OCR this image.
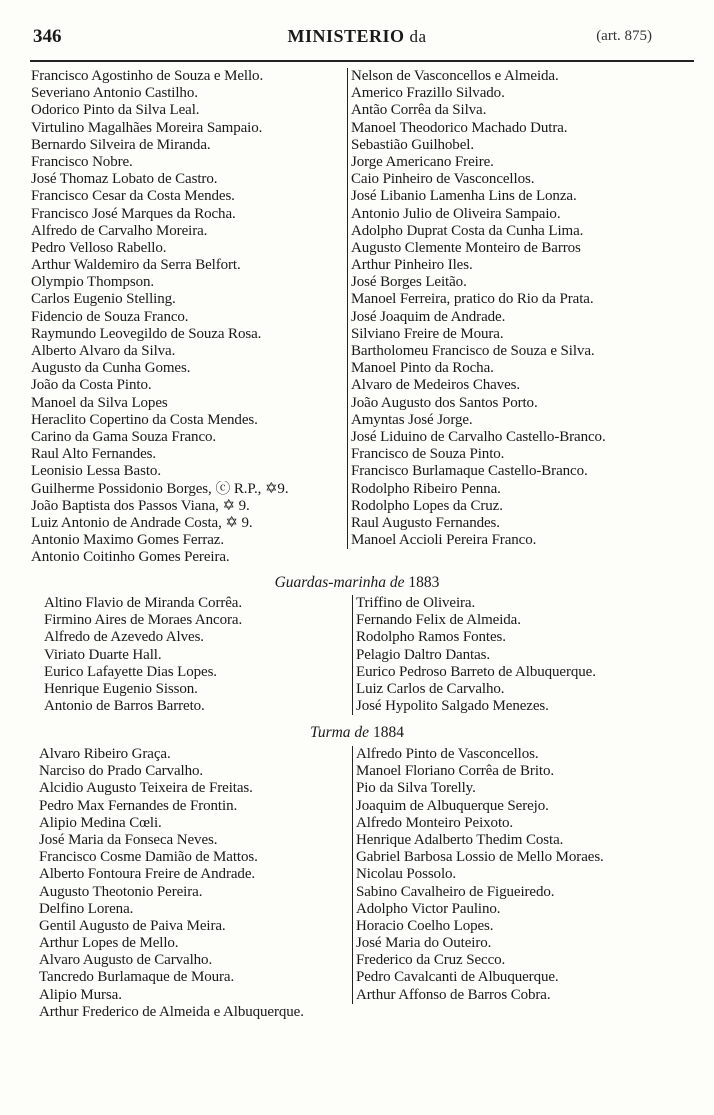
346	MINISTERIO da	(art. 875)
Francisco Agostinho de Souza e Mello.
Severiano Antonio Castilho.
Odorico Pinto da Silva Leal.
Virtulino Magalhães Moreira Sampaio.
Bernardo Silveira de Miranda.
Francisco Nobre.
José Thomaz Lobato de Castro.
Francisco Cesar da Costa Mendes.
Francisco José Marques da Rocha.
Alfredo de Carvalho Moreira.
Pedro Velloso Rabello.
Arthur Waldemiro da Serra Belfort.
Olympio Thompson.
Carlos Eugenio Stelling.
Fidencio de Souza Franco.
Raymundo Leovegildo de Souza Rosa.
Alberto Alvaro da Silva.
Augusto da Cunha Gomes.
João da Costa Pinto.
Manoel da Silva Lopes
Heraclito Copertino da Costa Mendes.
Carino da Gama Souza Franco.
Raul Alto Fernandes.
Leonisio Lessa Basto.
Guilherme Possidonio Borges, ⓒ R.P., ✡9.
João Baptista dos Passos Viana, ✡ 9.
Luiz Antonio de Andrade Costa, ✡ 9.
Antonio Maximo Gomes Ferraz.
Antonio Coitinho Gomes Pereira.
Nelson de Vasconcellos e Almeida.
Americo Frazillo Silvado.
Antão Corrêa da Silva.
Manoel Theodorico Machado Dutra.
Sebastião Guilhobel.
Jorge Americano Freire.
Caio Pinheiro de Vasconcellos.
José Libanio Lamenha Lins de Lonza.
Antonio Julio de Oliveira Sampaio.
Adolpho Duprat Costa da Cunha Lima.
Augusto Clemente Monteiro de Barros
Arthur Pinheiro Iles.
José Borges Leitão.
Manoel Ferreira, pratico do Rio da Prata.
José Joaquim de Andrade.
Silviano Freire de Moura.
Bartholomeu Francisco de Souza e Silva.
Manoel Pinto da Rocha.
Alvaro de Medeiros Chaves.
João Augusto dos Santos Porto.
Amyntas José Jorge.
José Liduino de Carvalho Castello-Branco.
Francisco de Souza Pinto.
Francisco Burlamaque Castello-Branco.
Rodolpho Ribeiro Penna.
Rodolpho Lopes da Cruz.
Raul Augusto Fernandes.
Manoel Accioli Pereira Franco.
Guardas-marinha de 1883
Altino Flavio de Miranda Corrêa.
Firmino Aires de Moraes Ancora.
Alfredo de Azevedo Alves.
Viriato Duarte Hall.
Eurico Lafayette Dias Lopes.
Henrique Eugenio Sisson.
Antonio de Barros Barreto.
Triffino de Oliveira.
Fernando Felix de Almeida.
Rodolpho Ramos Fontes.
Pelagio Daltro Dantas.
Eurico Pedroso Barreto de Albuquerque.
Luiz Carlos de Carvalho.
José Hypolito Salgado Menezes.
Turma de 1884
Alvaro Ribeiro Graça.
Narciso do Prado Carvalho.
Alcidio Augusto Teixeira de Freitas.
Pedro Max Fernandes de Frontin.
Alipio Medina Cœli.
José Maria da Fonseca Neves.
Francisco Cosme Damião de Mattos.
Alberto Fontoura Freire de Andrade.
Augusto Theotonio Pereira.
Delfino Lorena.
Gentil Augusto de Paiva Meira.
Arthur Lopes de Mello.
Alvaro Augusto de Carvalho.
Tancredo Burlamaque de Moura.
Alipio Mursa.
Arthur Frederico de Almeida e Albuquerque.
Alfredo Pinto de Vasconcellos.
Manoel Floriano Corrêa de Brito.
Pio da Silva Torelly.
Joaquim de Albuquerque Serejo.
Alfredo Monteiro Peixoto.
Henrique Adalberto Thedim Costa.
Gabriel Barbosa Lossio de Mello Moraes.
Nicolau Possolo.
Sabino Cavalheiro de Figueiredo.
Adolpho Victor Paulino.
Horacio Coelho Lopes.
José Maria do Outeiro.
Frederico da Cruz Secco.
Pedro Cavalcanti de Albuquerque.
Arthur Affonso de Barros Cobra.
